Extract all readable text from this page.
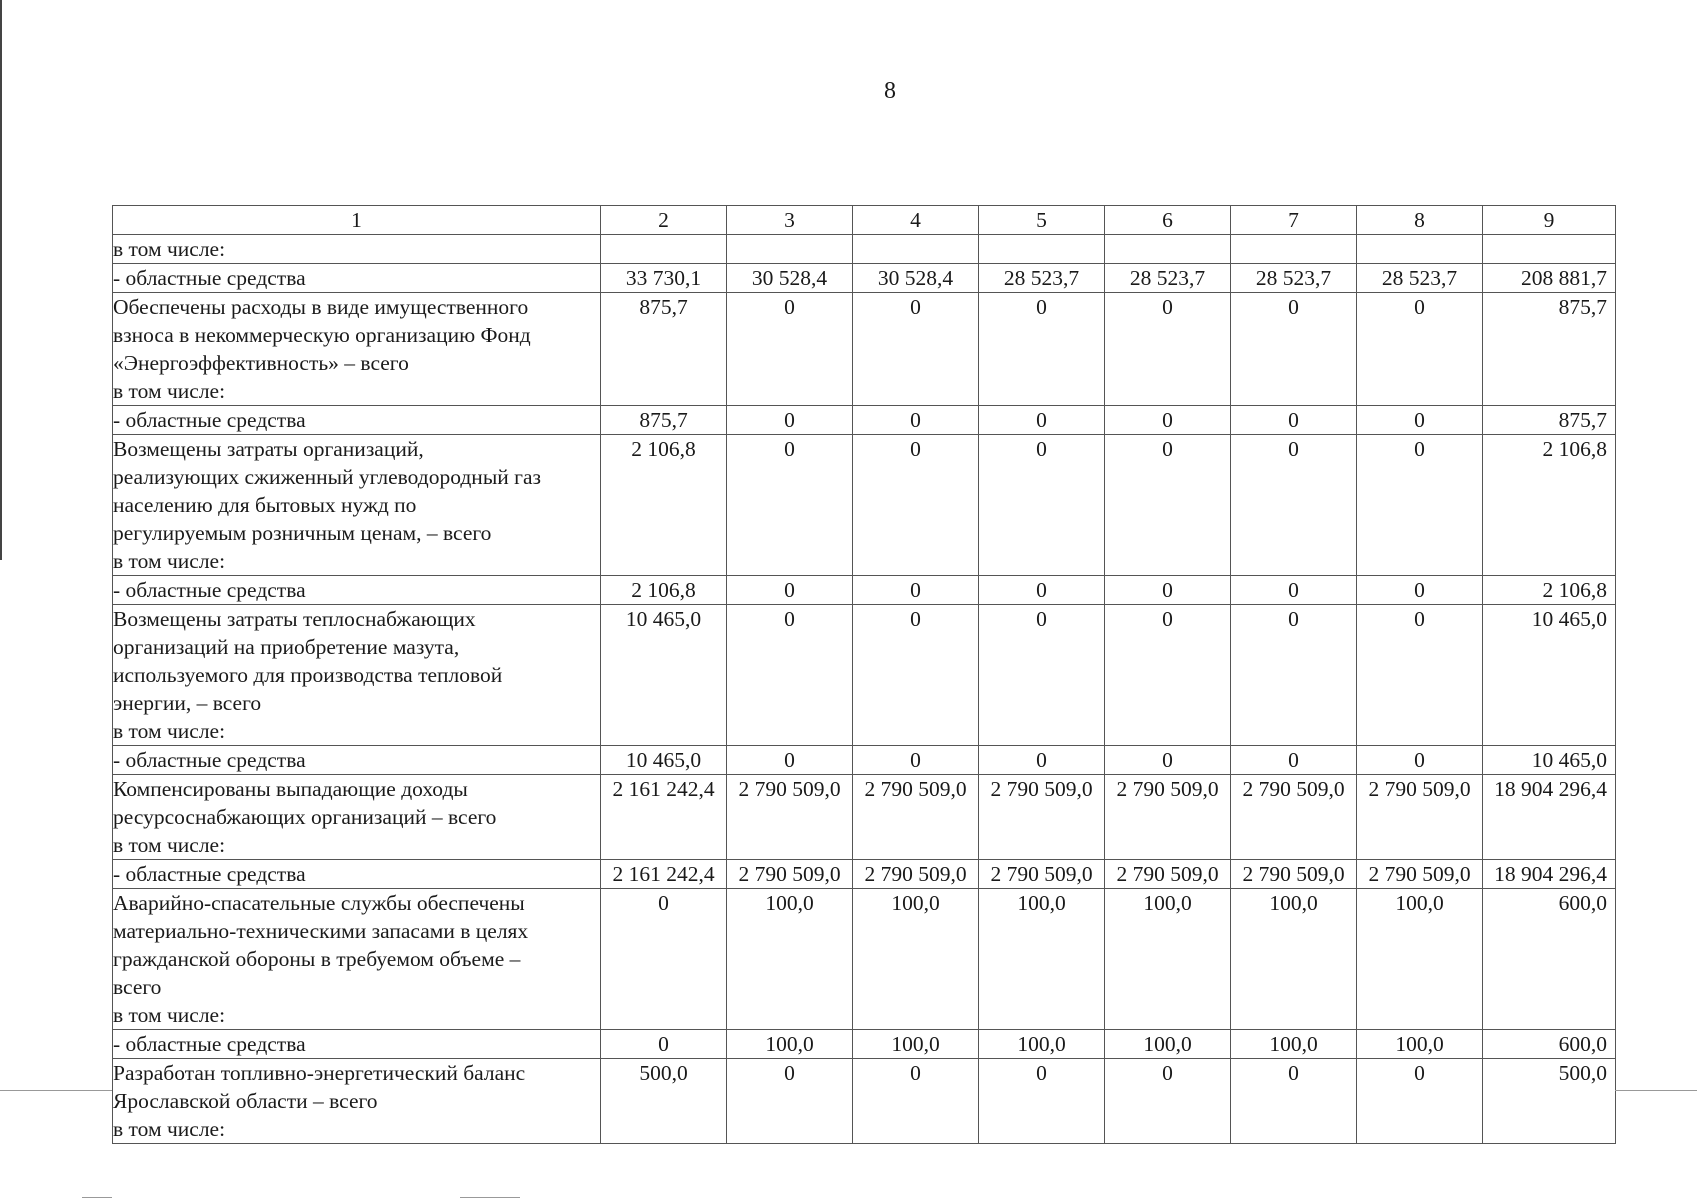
8
1	2	3	4	5	6	7	8	9
в том числе:								
- областные средства	33 730,1	30 528,4	30 528,4	28 523,7	28 523,7	28 523,7	28 523,7	208 881,7
Обеспечены расходы в виде имущественного
взноса в некоммерческую организацию Фонд
«Энергоэффективность» – всего
в том числе:	875,7	0	0	0	0	0	0	875,7
- областные средства	875,7	0	0	0	0	0	0	875,7
Возмещены затраты организаций,
реализующих сжиженный углеводородный газ
населению для бытовых нужд по
регулируемым розничным ценам, – всего
в том числе:	2 106,8	0	0	0	0	0	0	2 106,8
- областные средства	2 106,8	0	0	0	0	0	0	2 106,8
Возмещены затраты теплоснабжающих
организаций на приобретение мазута,
используемого для производства тепловой
энергии, – всего
в том числе:	10 465,0	0	0	0	0	0	0	10 465,0
- областные средства	10 465,0	0	0	0	0	0	0	10 465,0
Компенсированы выпадающие доходы
ресурсоснабжающих организаций – всего
в том числе:	2 161 242,4	2 790 509,0	2 790 509,0	2 790 509,0	2 790 509,0	2 790 509,0	2 790 509,0	18 904 296,4
- областные средства	2 161 242,4	2 790 509,0	2 790 509,0	2 790 509,0	2 790 509,0	2 790 509,0	2 790 509,0	18 904 296,4
Аварийно-спасательные службы обеспечены
материально-техническими запасами в целях
гражданской обороны в требуемом объеме –
всего
в том числе:	0	100,0	100,0	100,0	100,0	100,0	100,0	600,0
- областные средства	0	100,0	100,0	100,0	100,0	100,0	100,0	600,0
Разработан топливно-энергетический баланс
Ярославской области – всего
в том числе:	500,0	0	0	0	0	0	0	500,0
